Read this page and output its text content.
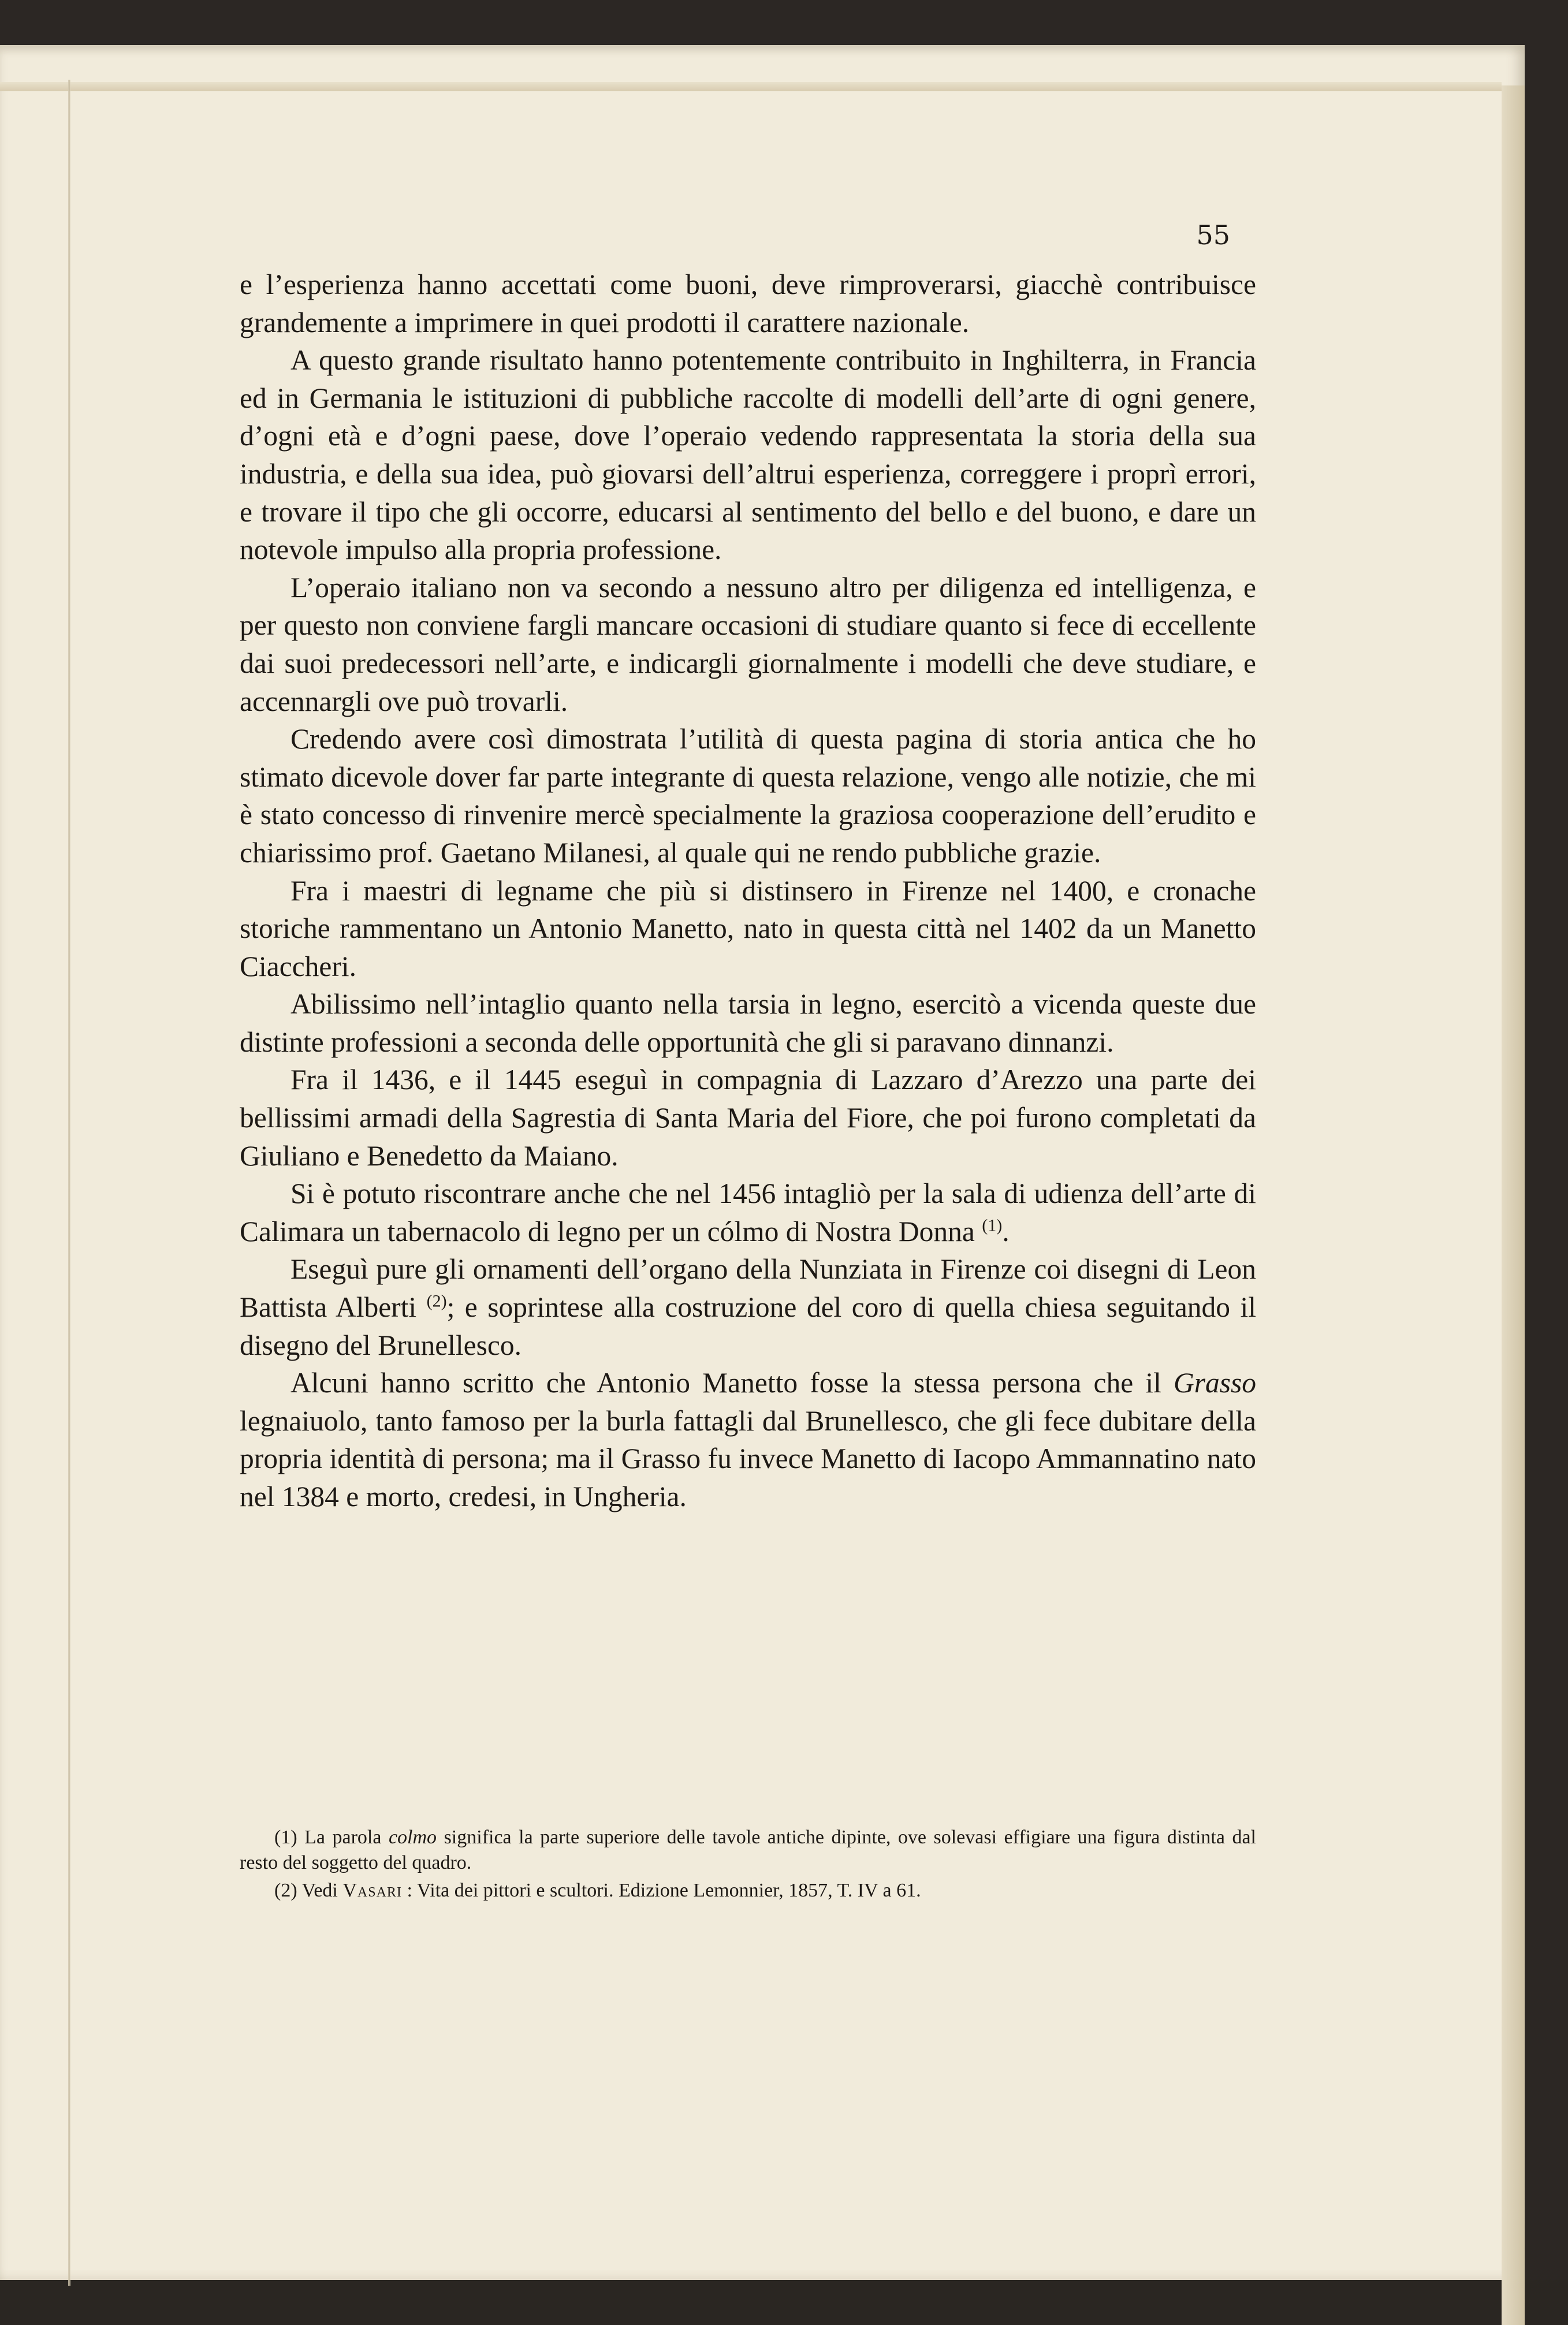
55

e l’esperienza hanno accettati come buoni, deve rimproverarsi, giacchè contribuisce grandemente a imprimere in quei prodotti il carattere nazionale.

A questo grande risultato hanno potentemente contribuito in Inghilterra, in Francia ed in Germania le istituzioni di pubbliche raccolte di modelli dell’arte di ogni genere, d’ogni età e d’ogni paese, dove l’operaio vedendo rappresentata la storia della sua industria, e della sua idea, può giovarsi dell’altrui esperienza, correggere i proprì errori, e trovare il tipo che gli occorre, educarsi al sentimento del bello e del buono, e dare un notevole impulso alla propria professione.

L’operaio italiano non va secondo a nessuno altro per diligenza ed intelligenza, e per questo non conviene fargli mancare occasioni di studiare quanto si fece di eccellente dai suoi predecessori nell’arte, e indicargli giornalmente i modelli che deve studiare, e accennargli ove può trovarli.

Credendo avere così dimostrata l’utilità di questa pagina di storia antica che ho stimato dicevole dover far parte integrante di questa relazione, vengo alle notizie, che mi è stato concesso di rinvenire mercè specialmente la graziosa cooperazione dell’erudito e chiarissimo prof. Gaetano Milanesi, al quale qui ne rendo pubbliche grazie.

Fra i maestri di legname che più si distinsero in Firenze nel 1400, e cronache storiche rammentano un Antonio Manetto, nato in questa città nel 1402 da un Manetto Ciaccheri.

Abilissimo nell’intaglio quanto nella tarsia in legno, esercitò a vicenda queste due distinte professioni a seconda delle opportunità che gli si paravano dinnanzi.

Fra il 1436, e il 1445 eseguì in compagnia di Lazzaro d’Arezzo una parte dei bellissimi armadi della Sagrestia di Santa Maria del Fiore, che poi furono completati da Giuliano e Benedetto da Maiano.

Si è potuto riscontrare anche che nel 1456 intagliò per la sala di udienza dell’arte di Calimara un tabernacolo di legno per un cólmo di Nostra Donna $^{(1)}$.

Eseguì pure gli ornamenti dell’organo della Nunziata in Firenze coi disegni di Leon Battista Alberti $^{(2)}$; e soprintese alla costruzione del coro di quella chiesa seguitando il disegno del Brunellesco.

Alcuni hanno scritto che Antonio Manetto fosse la stessa persona che il Grasso legnaiuolo, tanto famoso per la burla fattagli dal Brunellesco, che gli fece dubitare della propria identità di persona; ma il Grasso fu invece Manetto di Iacopo Ammannatino nato nel 1384 e morto, credesi, in Ungheria.

(1) La parola colmo significa la parte superiore delle tavole antiche dipinte, ove solevasi effigiare una figura distinta dal resto del soggetto del quadro.

(2) Vedi Vasari : Vita dei pittori e scultori. Edizione Lemonnier, 1857, T. IV a 61.
